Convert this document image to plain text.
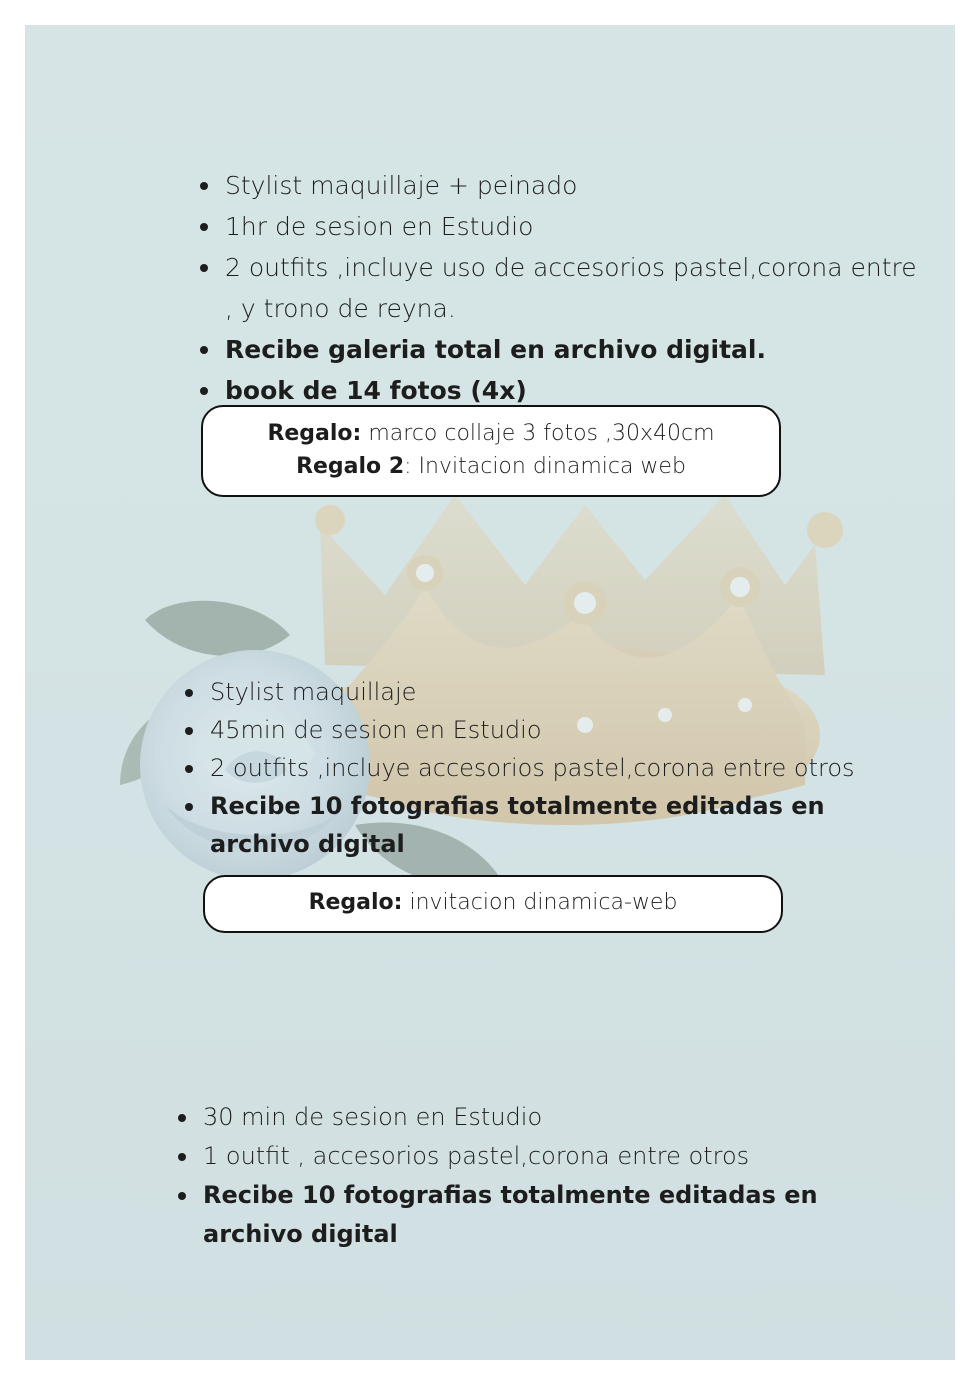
Stylist maquillaje + peinado
1hr de sesion en Estudio
2 outfits ,incluye uso de accesorios pastel,corona entre , y trono de reyna.
Recibe galeria total en archivo digital.
book de 14 fotos (4x)
Regalo: marco collaje 3 fotos ,30x40cm
Regalo 2: Invitacion dinamica web
Stylist maquillaje
45min de sesion en Estudio
2 outfits ,incluye accesorios pastel,corona entre otros
Recibe 10 fotografias totalmente editadas en archivo digital
Regalo: invitacion dinamica-web
30 min de sesion en Estudio
1 outfit , accesorios pastel,corona entre otros
Recibe 10 fotografias totalmente editadas en archivo digital
